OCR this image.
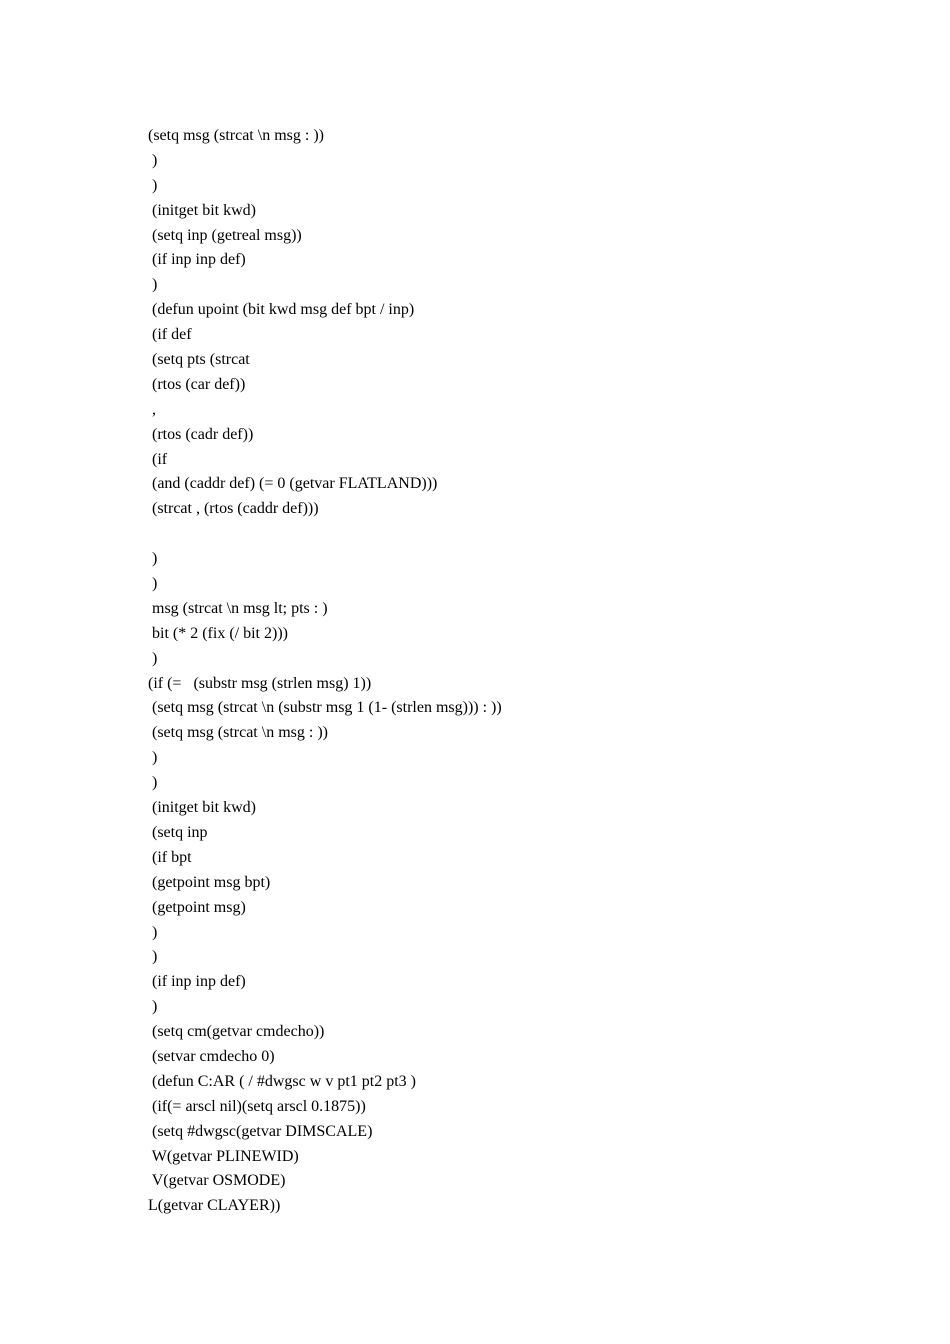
(setq msg (strcat \n msg : ))
)
)
(initget bit kwd)
(setq inp (getreal msg))
(if inp inp def)
)
(defun upoint (bit kwd msg def bpt / inp)
(if def
(setq pts (strcat
(rtos (car def))
,
(rtos (cadr def))
(if
(and (caddr def) (= 0 (getvar FLATLAND)))
(strcat , (rtos (caddr def)))
)
)
msg (strcat \n msg lt; pts : )
bit (* 2 (fix (/ bit 2)))
)
(if (=   (substr msg (strlen msg) 1))
(setq msg (strcat \n (substr msg 1 (1- (strlen msg))) : ))
(setq msg (strcat \n msg : ))
)
)
(initget bit kwd)
(setq inp
(if bpt
(getpoint msg bpt)
(getpoint msg)
)
)
(if inp inp def)
)
(setq cm(getvar cmdecho))
(setvar cmdecho 0)
(defun C:AR ( / #dwgsc w v pt1 pt2 pt3 )
(if(= arscl nil)(setq arscl 0.1875))
(setq #dwgsc(getvar DIMSCALE)
W(getvar PLINEWID)
V(getvar OSMODE)
L(getvar CLAYER))
